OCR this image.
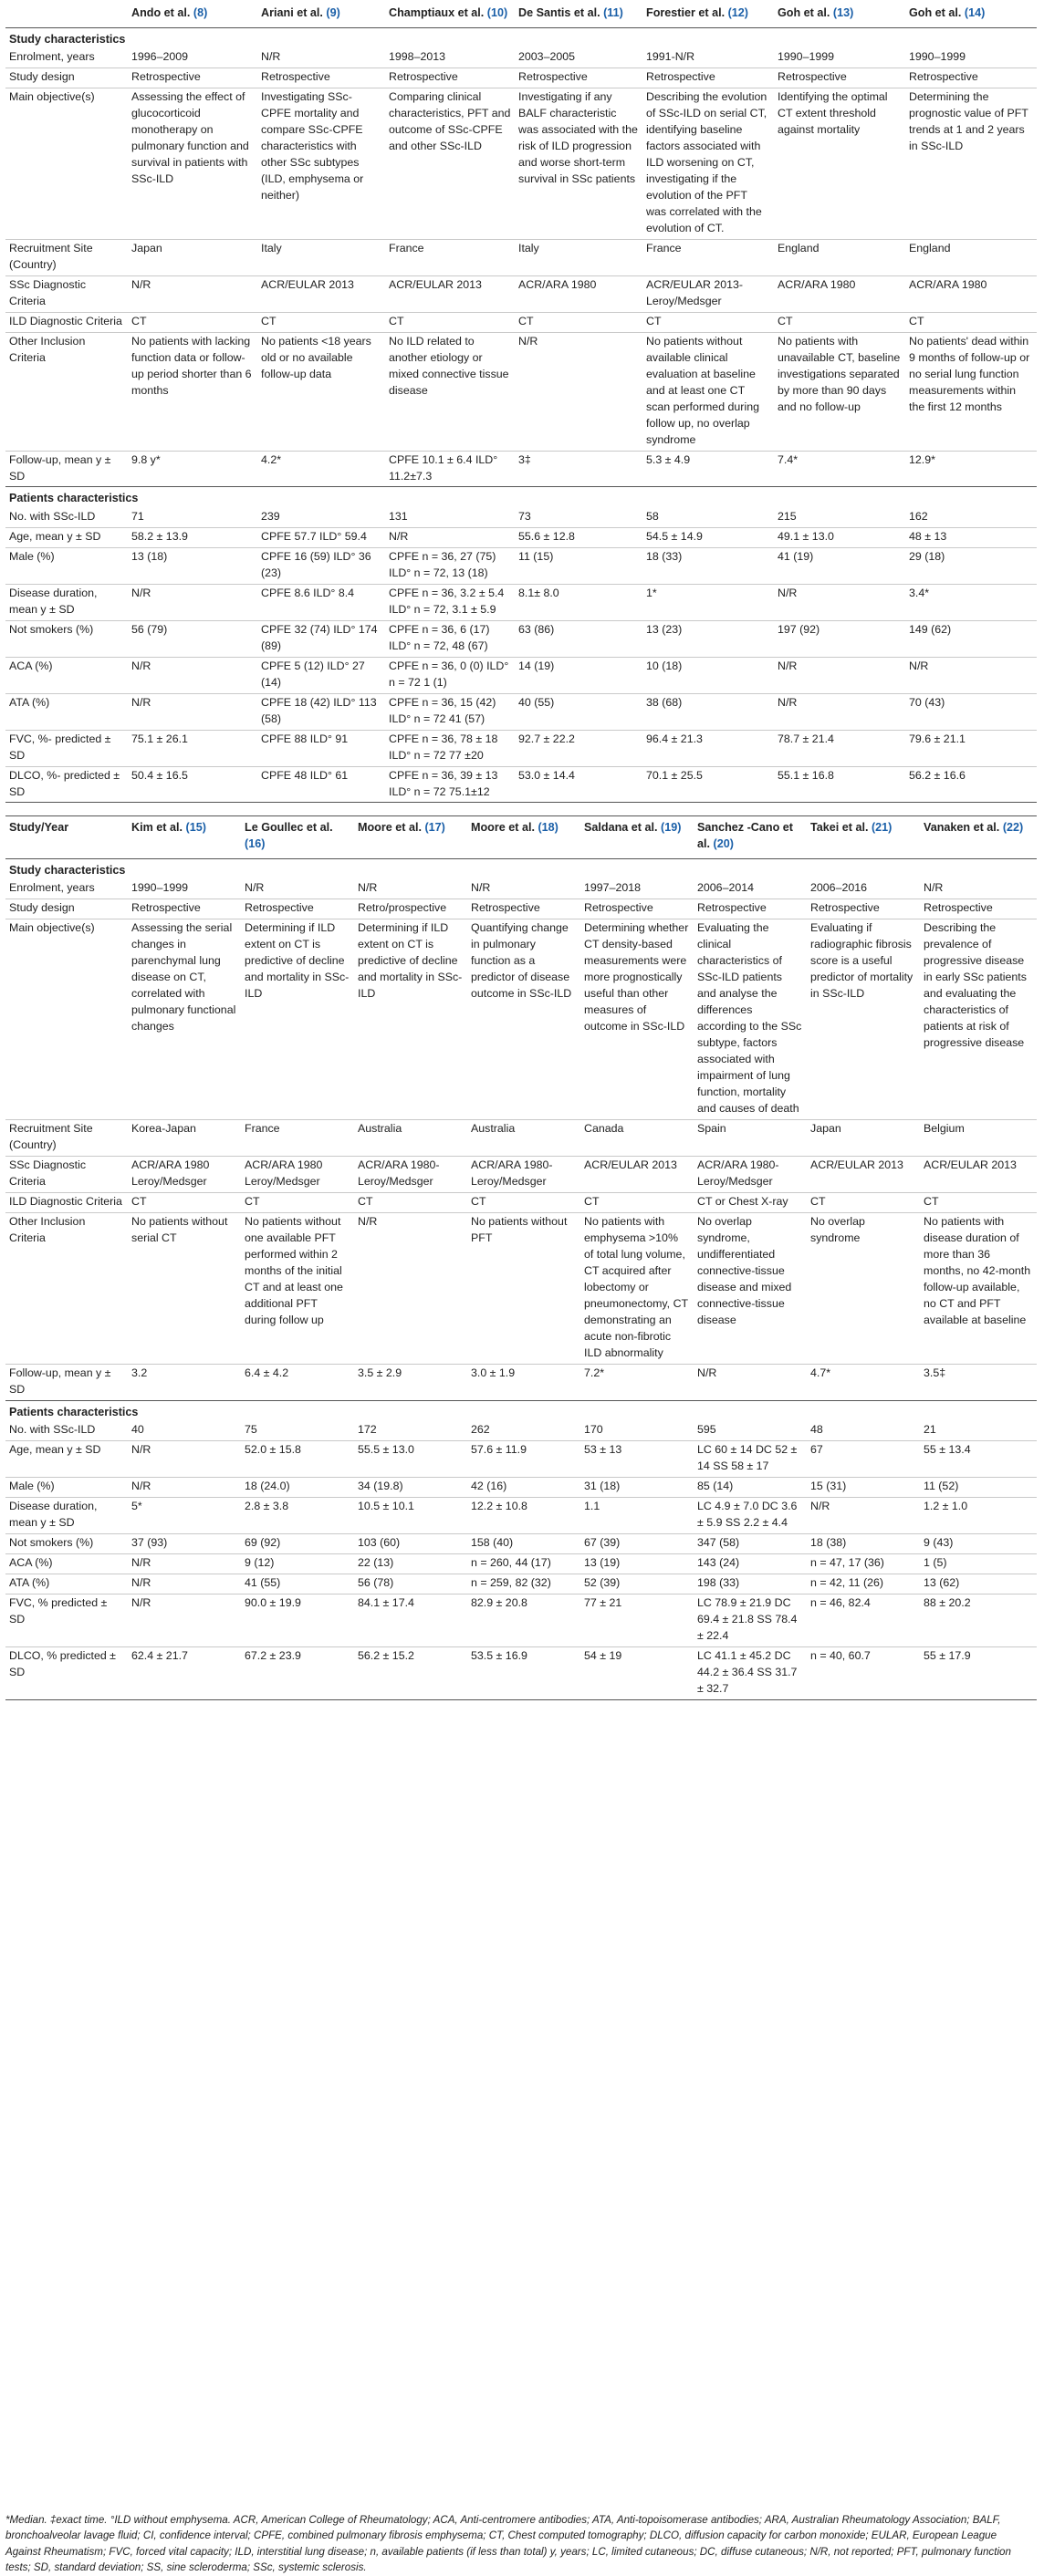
	Ando et al. (8)	Ariani et al. (9)	Champtiaux et al. (10)	De Santis et al. (11)	Forestier et al. (12)	Goh et al. (13)	Goh et al. (14)
Study characteristics							
Enrolment, years	1996–2009	N/R	1998–2013	2003–2005	1991-N/R	1990–1999	1990–1999
Study design	Retrospective	Retrospective	Retrospective	Retrospective	Retrospective	Retrospective	Retrospective
Main objective(s)	Assessing the effect of glucocorticoid monotherapy on pulmonary function and survival in patients with SSc-ILD	Investigating SSc-CPFE mortality and compare SSc-CPFE characteristics with other SSc subtypes (ILD, emphysema or neither)	Comparing clinical characteristics, PFT and outcome of SSc-CPFE and other SSc-ILD	Investigating if any BALF characteristic was associated with the risk of ILD progression and worse short-term survival in SSc patients	Describing the evolution of SSc-ILD on serial CT, identifying baseline factors associated with ILD worsening on CT, investigating if the evolution of the PFT was correlated with the evolution of CT.	Identifying the optimal CT extent threshold against mortality	Determining the prognostic value of PFT trends at 1 and 2 years in SSc-ILD
Recruitment Site (Country)	Japan	Italy	France	Italy	France	England	England
SSc Diagnostic Criteria	N/R	ACR/EULAR 2013	ACR/EULAR 2013	ACR/ARA 1980	ACR/EULAR 2013-Leroy/Medsger	ACR/ARA 1980	ACR/ARA 1980
ILD Diagnostic Criteria	CT	CT	CT	CT	CT	CT	CT
Other Inclusion Criteria	No patients with lacking function data or follow- up period shorter than 6 months	No patients <18 years old or no available follow-up data	No ILD related to another etiology or mixed connective tissue disease	N/R	No patients without available clinical evaluation at baseline and at least one CT scan performed during follow up, no overlap syndrome	No patients with unavailable CT, baseline investigations separated by more than 90 days and no follow-up	No patients' dead within 9 months of follow-up or no serial lung function measurements within the first 12 months
Follow-up, mean y ± SD	9.8 y*	4.2*	CPFE 10.1 ± 6.4 ILD° 11.2±7.3	3‡	5.3 ± 4.9	7.4*	12.9*
Patients characteristics							
No. with SSc-ILD	71	239	131	73	58	215	162
Age, mean y ± SD	58.2 ± 13.9	CPFE 57.7 ILD° 59.4	N/R	55.6 ± 12.8	54.5 ± 14.9	49.1 ± 13.0	48 ± 13
Male (%)	13 (18)	CPFE 16 (59) ILD° 36 (23)	CPFE n = 36, 27 (75) ILD° n = 72, 13 (18)	11 (15)	18 (33)	41 (19)	29 (18)
Disease duration, mean y ± SD	N/R	CPFE 8.6 ILD° 8.4	CPFE n = 36, 3.2 ± 5.4 ILD° n = 72, 3.1 ± 5.9	8.1± 8.0	1*	N/R	3.4*
Not smokers (%)	56 (79)	CPFE 32 (74) ILD° 174 (89)	CPFE n = 36, 6 (17) ILD° n = 72, 48 (67)	63 (86)	13 (23)	197 (92)	149 (62)
ACA (%)	N/R	CPFE 5 (12) ILD° 27 (14)	CPFE n = 36, 0 (0) ILD° n = 72 1 (1)	14 (19)	10 (18)	N/R	N/R
ATA (%)	N/R	CPFE 18 (42) ILD° 113 (58)	CPFE n = 36, 15 (42) ILD° n = 72 41 (57)	40 (55)	38 (68)	N/R	70 (43)
FVC, %- predicted ± SD	75.1 ± 26.1	CPFE 88 ILD° 91	CPFE n = 36, 78 ± 18 ILD° n = 72 77 ±20	92.7 ± 22.2	96.4 ± 21.3	78.7 ± 21.4	79.6 ± 21.1
DLCO, %- predicted ± SD	50.4 ± 16.5	CPFE 48 ILD° 61	CPFE n = 36, 39 ± 13 ILD° n = 72 75.1±12	53.0 ± 14.4	70.1 ± 25.5	55.1 ± 16.8	56.2 ± 16.6
Study/Year	Kim et al. (15)	Le Goullec et al. (16)	Moore et al. (17)	Moore et al. (18)	Saldana et al. (19)	Sanchez -Cano et al. (20)	Takei et al. (21)	Vanaken et al. (22)
Study characteristics								
Enrolment, years	1990–1999	N/R	N/R	N/R	1997–2018	2006–2014	2006–2016	N/R
Study design	Retrospective	Retrospective	Retro/prospective	Retrospective	Retrospective	Retrospective	Retrospective	Retrospective
Main objective(s)	Assessing the serial changes in parenchymal lung disease on CT, correlated with pulmonary functional changes	Determining if ILD extent on CT is predictive of decline and mortality in SSc-ILD	Determining if ILD extent on CT is predictive of decline and mortality in SSc-ILD	Quantifying change in pulmonary function as a predictor of disease outcome in SSc-ILD	Determining whether CT density-based measurements were more prognostically useful than other measures of outcome in SSc-ILD	Evaluating the clinical characteristics of SSc-ILD patients and analyse the differences according to the SSc subtype, factors associated with impairment of lung function, mortality and causes of death	Evaluating if radiographic fibrosis score is a useful predictor of mortality in SSc-ILD	Describing the prevalence of progressive disease in early SSc patients and evaluating the characteristics of patients at risk of progressive disease
Recruitment Site (Country)	Korea-Japan	France	Australia	Australia	Canada	Spain	Japan	Belgium
SSc Diagnostic Criteria	ACR/ARA 1980 Leroy/Medsger	ACR/ARA 1980 Leroy/Medsger	ACR/ARA 1980-Leroy/Medsger	ACR/ARA 1980-Leroy/Medsger	ACR/EULAR 2013	ACR/ARA 1980-Leroy/Medsger	ACR/EULAR 2013	ACR/EULAR 2013
ILD Diagnostic Criteria	CT	CT	CT	CT	CT	CT or Chest X-ray	CT	CT
Other Inclusion Criteria	No patients without serial CT	No patients without one available PFT performed within 2 months of the initial CT and at least one additional PFT during follow up	N/R	No patients without PFT	No patients with emphysema >10% of total lung volume, CT acquired after lobectomy or pneumonectomy, CT demonstrating an acute non-fibrotic ILD abnormality	No overlap syndrome, undifferentiated connective-tissue disease and mixed connective-tissue disease	No overlap syndrome	No patients with disease duration of more than 36 months, no 42-month follow-up available, no CT and PFT available at baseline
Follow-up, mean y ± SD	3.2	6.4 ± 4.2	3.5 ± 2.9	3.0 ± 1.9	7.2*	N/R	4.7*	3.5‡
Patients characteristics								
No. with SSc-ILD	40	75	172	262	170	595	48	21
Age, mean y ± SD	N/R	52.0 ± 15.8	55.5 ± 13.0	57.6 ± 11.9	53 ± 13	LC 60 ± 14 DC 52 ± 14 SS 58 ± 17	67	55 ± 13.4
Male (%)	N/R	18 (24.0)	34 (19.8)	42 (16)	31 (18)	85 (14)	15 (31)	11 (52)
Disease duration, mean y ± SD	5*	2.8 ± 3.8	10.5 ± 10.1	12.2 ± 10.8	1.1	LC 4.9 ± 7.0 DC 3.6 ± 5.9 SS 2.2 ± 4.4	N/R	1.2 ± 1.0
Not smokers (%)	37 (93)	69 (92)	103 (60)	158 (40)	67 (39)	347 (58)	18 (38)	9 (43)
ACA (%)	N/R	9 (12)	22 (13)	n = 260, 44 (17)	13 (19)	143 (24)	n = 47, 17 (36)	1 (5)
ATA (%)	N/R	41 (55)	56 (78)	n = 259, 82 (32)	52 (39)	198 (33)	n = 42, 11 (26)	13 (62)
FVC, % predicted ± SD	N/R	90.0 ± 19.9	84.1 ± 17.4	82.9 ± 20.8	77 ± 21	LC 78.9 ± 21.9 DC 69.4 ± 21.8 SS 78.4 ± 22.4	n = 46, 82.4	88 ± 20.2
DLCO, % predicted ± SD	62.4 ± 21.7	67.2 ± 23.9	56.2 ± 15.2	53.5 ± 16.9	54 ± 19	LC 41.1 ± 45.2 DC 44.2 ± 36.4 SS 31.7 ± 32.7	n = 40, 60.7	55 ± 17.9
*Median. ‡exact time. °ILD without emphysema. ACR, American College of Rheumatology; ACA, Anti-centromere antibodies; ATA, Anti-topoisomerase antibodies; ARA, Australian Rheumatology Association; BALF, bronchoalveolar lavage fluid; CI, confidence interval; CPFE, combined pulmonary fibrosis emphysema; CT, Chest computed tomography; DLCO, diffusion capacity for carbon monoxide; EULAR, European League Against Rheumatism; FVC, forced vital capacity; ILD, interstitial lung disease; n, available patients (if less than total) y, years; LC, limited cutaneous; DC, diffuse cutaneous; N/R, not reported; PFT, pulmonary function tests; SD, standard deviation; SS, sine scleroderma; SSc, systemic sclerosis.
